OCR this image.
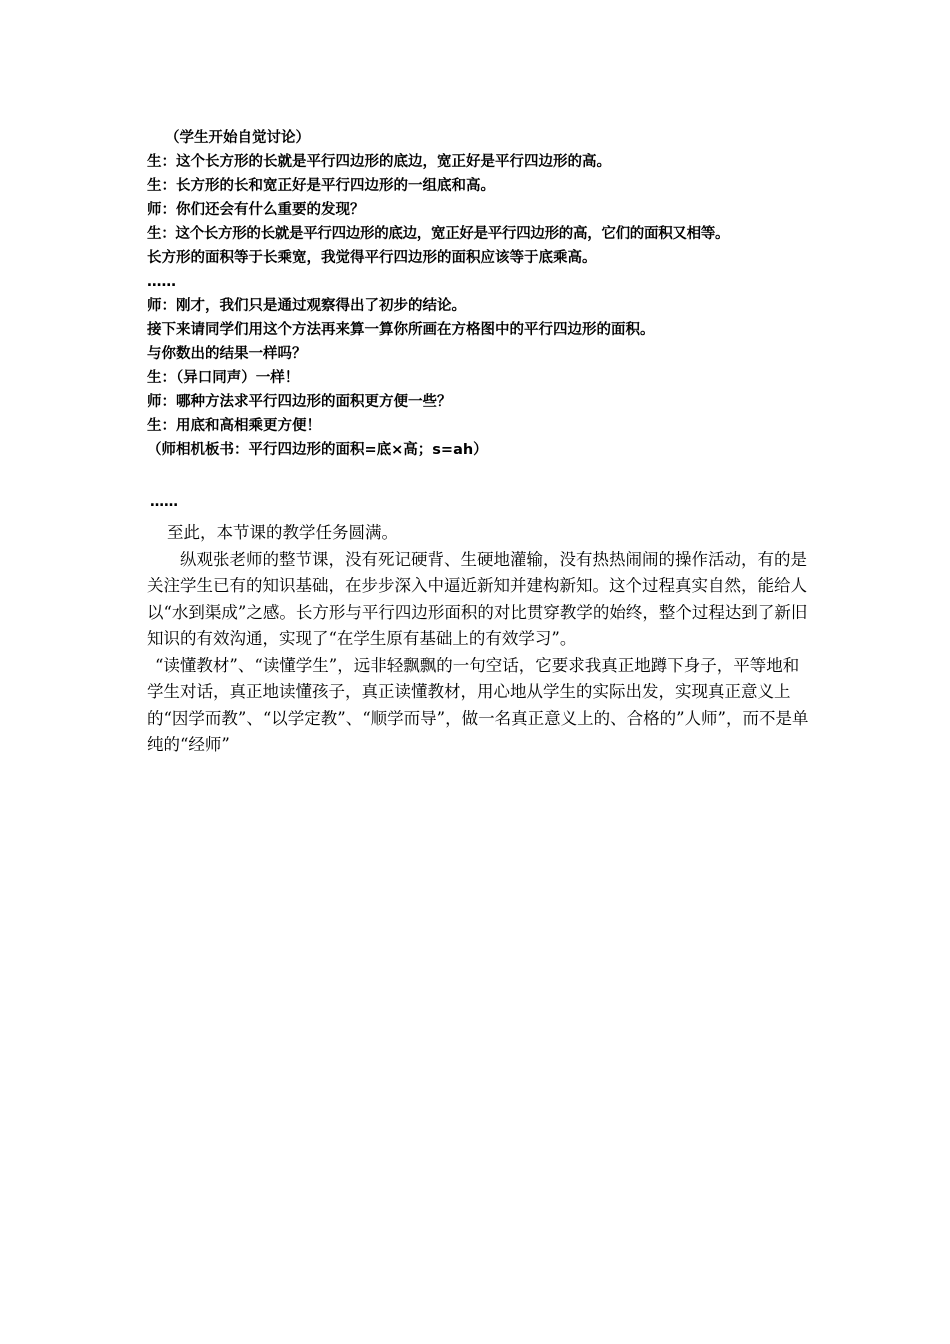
（学生开始自觉讨论）
生：这个长方形的长就是平行四边形的底边，宽正好是平行四边形的高。
生：长方形的长和宽正好是平行四边形的一组底和高。
师：你们还会有什么重要的发现？
生：这个长方形的长就是平行四边形的底边，宽正好是平行四边形的高，它们的面积又相等。
长方形的面积等于长乘宽，我觉得平行四边形的面积应该等于底乘高。
……
师：刚才，我们只是通过观察得出了初步的结论。
接下来请同学们用这个方法再来算一算你所画在方格图中的平行四边形的面积。
与你数出的结果一样吗？
生：（异口同声）一样！
师：哪种方法求平行四边形的面积更方便一些？
生：用底和高相乘更方便！
（师相机板书：平行四边形的面积=底×高；s=ah）
……

至此，本节课的教学任务圆满。

纵观张老师的整节课，没有死记硬背、生硬地灌输，没有热热闹闹的操作活动，有的是关注学生已有的知识基础，在步步深入中逼近新知并建构新知。这个过程真实自然，能给人以“水到渠成”之感。长方形与平行四边形面积的对比贯穿教学的始终，整个过程达到了新旧知识的有效沟通，实现了“在学生原有基础上的有效学习”。

“读懂教材”、“读懂学生”，远非轻飘飘的一句空话，它要求我真正地蹲下身子，平等地和学生对话，真正地读懂孩子，真正读懂教材，用心地从学生的实际出发，实现真正意义上的“因学而教”、“以学定教”、“顺学而导”，做一名真正意义上的、合格的”人师”，而不是单纯的“经师”
